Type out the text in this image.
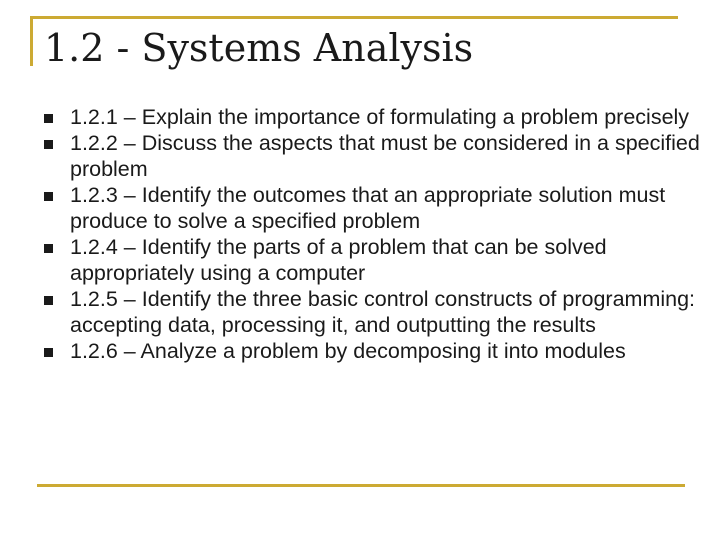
1.2 - Systems Analysis
1.2.1 – Explain the importance of formulating a problem precisely
1.2.2 – Discuss the aspects that must be considered in a specified problem
1.2.3 – Identify the outcomes that an appropriate solution must produce to solve a specified problem
1.2.4 – Identify the parts of a problem that can be solved appropriately using a computer
1.2.5 – Identify the three basic control constructs of programming: accepting data, processing it, and outputting the results
1.2.6 – Analyze a problem by decomposing it into modules
